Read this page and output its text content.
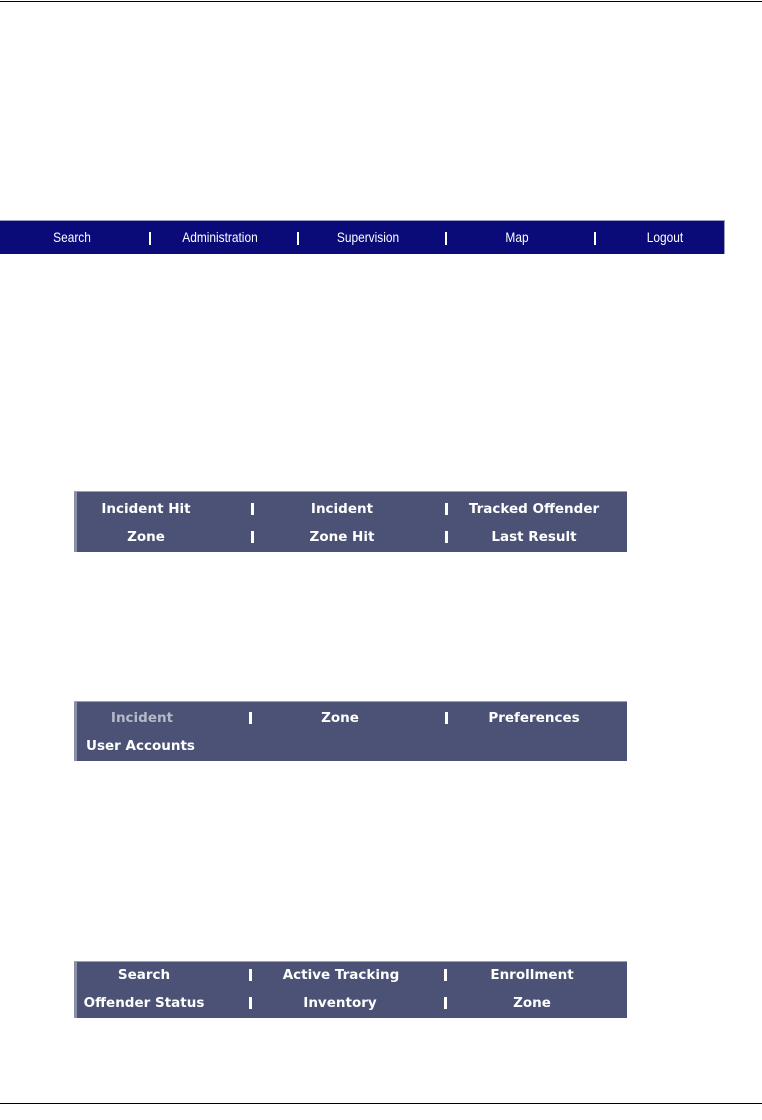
Search	Administration	Supervision	Map	Logout
Incident Hit	Incident	Tracked Offender
Zone	Zone Hit	Last Result
Incident	Zone	Preferences
User Accounts
Search	Active Tracking	Enrollment
Offender Status	Inventory	Zone
